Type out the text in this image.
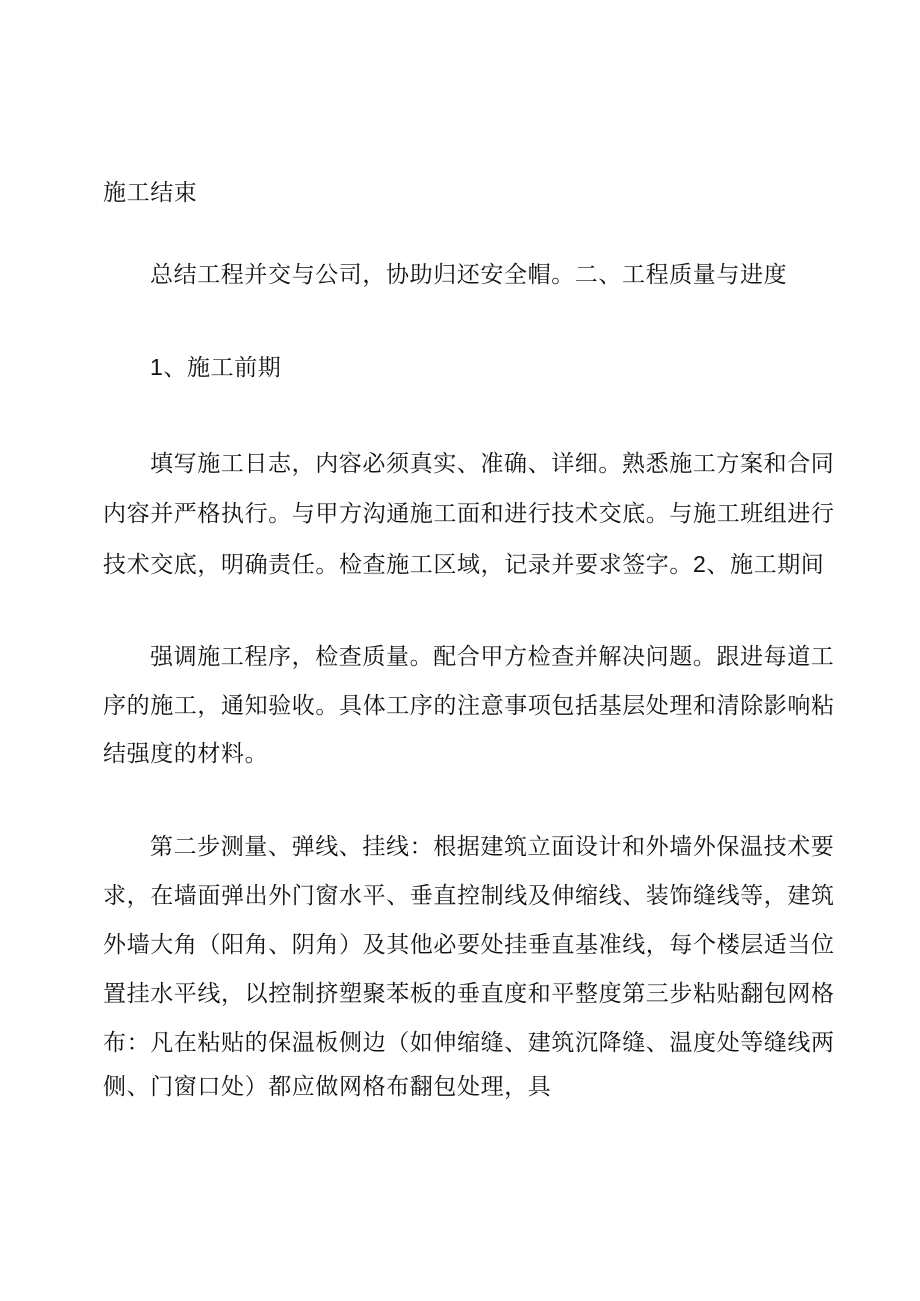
施工结束

总结工程并交与公司，协助归还安全帽。二、工程质量与进度

1、施工前期

填写施工日志，内容必须真实、准确、详细。熟悉施工方案和合同

内容并严格执行。与甲方沟通施工面和进行技术交底。与施工班组进行

技术交底，明确责任。检查施工区域，记录并要求签字。2、施工期间

强调施工程序，检查质量。配合甲方检查并解决问题。跟进每道工

序的施工，通知验收。具体工序的注意事项包括基层处理和清除影响粘

结强度的材料。

第二步测量、弹线、挂线：根据建筑立面设计和外墙外保温技术要

求，在墙面弹出外门窗水平、垂直控制线及伸缩线、装饰缝线等，建筑

外墙大角（阳角、阴角）及其他必要处挂垂直基准线，每个楼层适当位

置挂水平线，以控制挤塑聚苯板的垂直度和平整度第三步粘贴翻包网格

布：凡在粘贴的保温板侧边（如伸缩缝、建筑沉降缝、温度处等缝线两

侧、门窗口处）都应做网格布翻包处理，具
